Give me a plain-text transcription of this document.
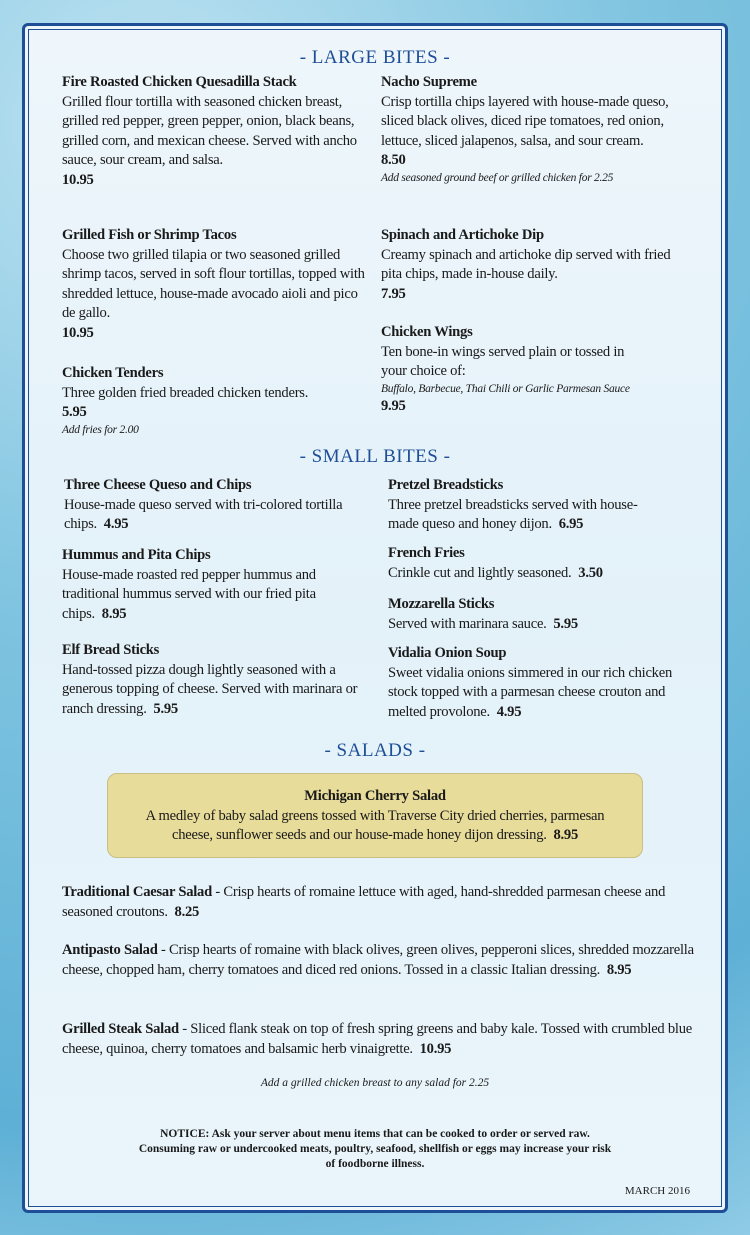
- LARGE BITES -
Fire Roasted Chicken Quesadilla Stack
Grilled flour tortilla with seasoned chicken breast, grilled red pepper, green pepper, onion, black beans, grilled corn, and mexican cheese. Served with ancho sauce, sour cream, and salsa.
10.95
Grilled Fish or Shrimp Tacos
Choose two grilled tilapia or two seasoned grilled shrimp tacos, served in soft flour tortillas, topped with shredded lettuce, house-made avocado aioli and pico de gallo.
10.95
Chicken Tenders
Three golden fried breaded chicken tenders.
5.95
Add fries for 2.00
Nacho Supreme
Crisp tortilla chips layered with house-made queso, sliced black olives, diced ripe tomatoes, red onion, lettuce, sliced jalapenos, salsa, and sour cream.
8.50
Add seasoned ground beef or grilled chicken for 2.25
Spinach and Artichoke Dip
Creamy spinach and artichoke dip served with fried pita chips, made in-house daily.
7.95
Chicken Wings
Ten bone-in wings served plain or tossed in your choice of:
Buffalo, Barbecue, Thai Chili or Garlic Parmesan Sauce
9.95
- SMALL BITES -
Three Cheese Queso and Chips
House-made queso served with tri-colored tortilla chips. 4.95
Hummus and Pita Chips
House-made roasted red pepper hummus and traditional hummus served with our fried pita chips. 8.95
Elf Bread Sticks
Hand-tossed pizza dough lightly seasoned with a generous topping of cheese. Served with marinara or ranch dressing. 5.95
Pretzel Breadsticks
Three pretzel breadsticks served with house-made queso and honey dijon. 6.95
French Fries
Crinkle cut and lightly seasoned. 3.50
Mozzarella Sticks
Served with marinara sauce. 5.95
Vidalia Onion Soup
Sweet vidalia onions simmered in our rich chicken stock topped with a parmesan cheese crouton and melted provolone. 4.95
- SALADS -
Michigan Cherry Salad
A medley of baby salad greens tossed with Traverse City dried cherries, parmesan cheese, sunflower seeds and our house-made honey dijon dressing. 8.95
Traditional Caesar Salad - Crisp hearts of romaine lettuce with aged, hand-shredded parmesan cheese and seasoned croutons. 8.25
Antipasto Salad - Crisp hearts of romaine with black olives, green olives, pepperoni slices, shredded mozzarella cheese, chopped ham, cherry tomatoes and diced red onions. Tossed in a classic Italian dressing. 8.95
Grilled Steak Salad - Sliced flank steak on top of fresh spring greens and baby kale. Tossed with crumbled blue cheese, quinoa, cherry tomatoes and balsamic herb vinaigrette. 10.95
Add a grilled chicken breast to any salad for 2.25
NOTICE: Ask your server about menu items that can be cooked to order or served raw. Consuming raw or undercooked meats, poultry, seafood, shellfish or eggs may increase your risk of foodborne illness.
MARCH 2016
